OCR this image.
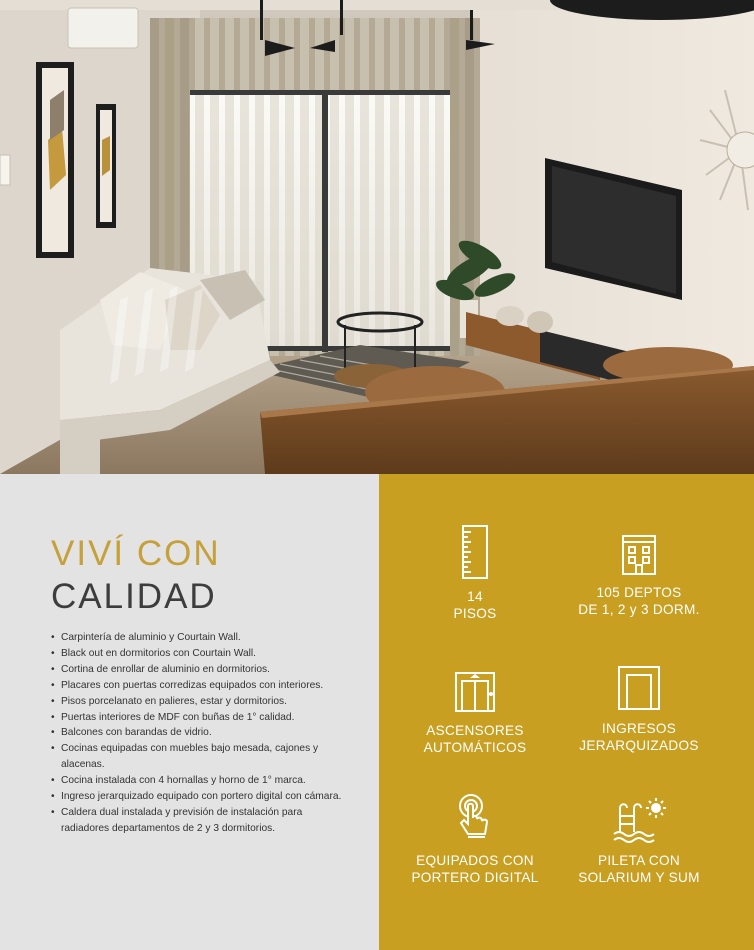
VIVÍ CON
CALIDAD
• Carpintería de aluminio y Courtain Wall.
• Black out en dormitorios con Courtain Wall.
• Cortina de enrollar de aluminio en dormitorios.
• Placares con puertas corredizas equipados con interiores.
• Pisos porcelanato en palieres, estar y dormitorios.
• Puertas interiores de MDF con buñas de 1° calidad.
• Balcones con barandas de vidrio.
• Cocinas equipadas con muebles bajo mesada, cajones y alacenas.
• Cocina instalada con 4 hornallas y horno de 1° marca.
• Ingreso jerarquizado equipado con portero digital con cámara.
• Caldera dual instalada y previsión de instalación para radiadores departamentos de 2 y 3 dormitorios.
14
PISOS
105 DEPTOS
DE 1, 2 y 3 DORM.
ASCENSORES
AUTOMÁTICOS
INGRESOS
JERARQUIZADOS
EQUIPADOS CON
PORTERO DIGITAL
PILETA CON
SOLARIUM Y SUM
